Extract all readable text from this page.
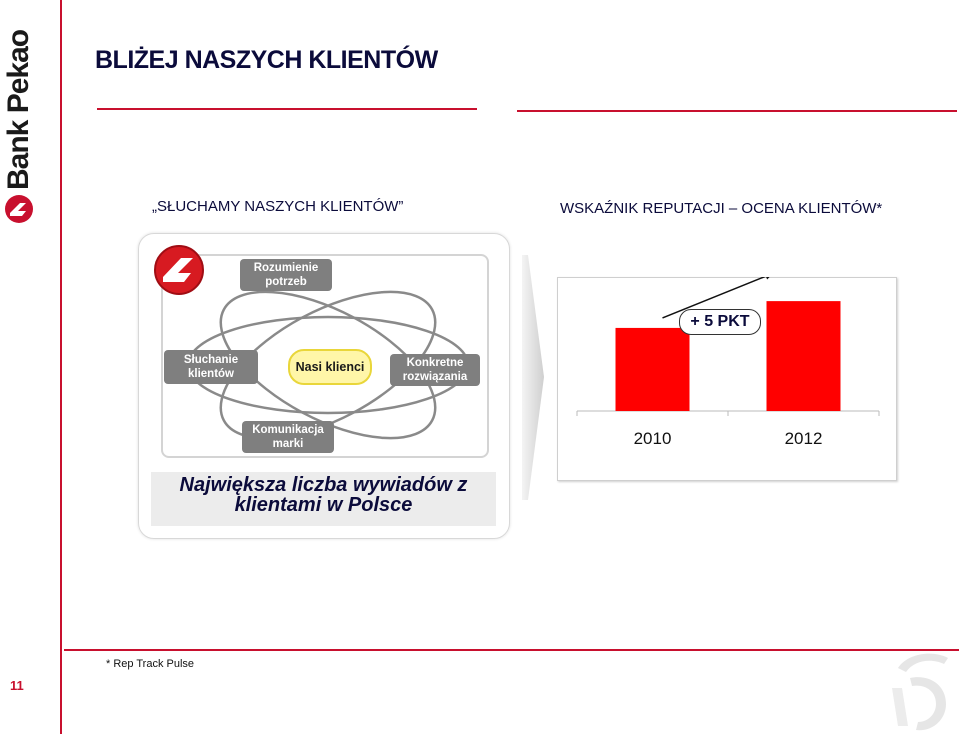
Bank Pekao BLIŻEJ NASZYCH KLIENTÓW
„SŁUCHAMY NASZYCH KLIENTÓW”	WSKAŹNIK REPUTACJI – OCENA KLIENTÓW*
Rozumienie potrzeb
Słuchanie klientów	Nasi klienci	Konkretne rozwiązania
Komunikacja marki
Największa liczba wywiadów z klientami w Polsce
2010	2012
+ 5 PKT
* Rep Track Pulse
11
